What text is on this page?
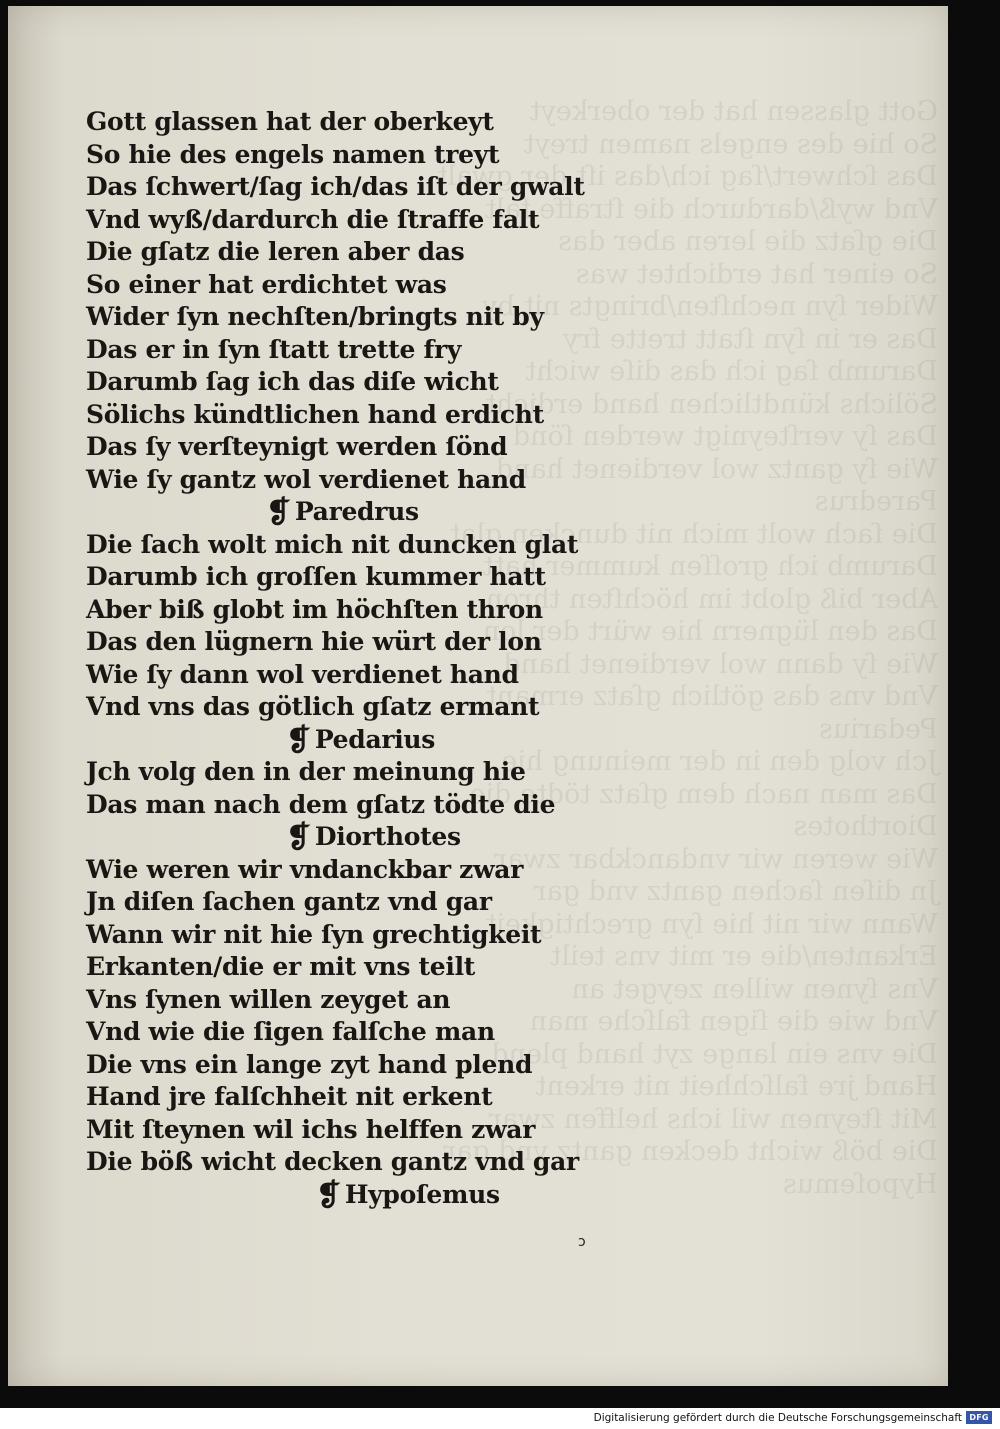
Gott glassen hat der oberkeyt
So hie des engels namen treyt
Das ſchwert/ſag ich/das iſt der gwalt
Vnd wyß/dardurch die ſtraffe falt
Die gſatz die leren aber das
So einer hat erdichtet was
Wider ſyn nechſten/bringts nit by
Das er in ſyn ſtatt trette fry
Darumb ſag ich das diſe wicht
Sölichs kündtlichen hand erdicht
Das ſy verſteynigt werden ſönd
Wie ſy gantz wol verdienet hand
Paredrus
Die ſach wolt mich nit duncken glat
Darumb ich groſſen kummer hatt
Aber biß globt im höchſten thron
Das den lügnern hie würt der lon
Wie ſy dann wol verdienet hand
Vnd vns das götlich gſatz ermant
Pedarius
Jch volg den in der meinung hie
Das man nach dem gſatz tödte die
Diorthotes
Wie weren wir vndanckbar zwar
Jn diſen ſachen gantz vnd gar
Wann wir nit hie ſyn grechtigkeit
Erkanten/die er mit vns teilt
Vns ſynen willen zeyget an
Vnd wie die ſigen falſche man
Die vns ein lange zyt hand plend
Hand jre falſchheit nit erkent
Mit ſteynen wil ichs helffen zwar
Die böß wicht decken gantz vnd gar
Hypoſemus
Gott glassen hat der oberkeyt
So hie des engels namen treyt
Das ſchwert/ſag ich/das iſt der gwalt
Vnd wyß/dardurch die ſtraffe falt
Die gſatz die leren aber das
So einer hat erdichtet was
Wider ſyn nechſten/bringts nit by
Das er in ſyn ſtatt trette fry
Darumb ſag ich das diſe wicht
Sölichs kündtlichen hand erdicht
Das ſy verſteynigt werden ſönd
Wie ſy gantz wol verdienet hand
❡ Paredrus
Die ſach wolt mich nit duncken glat
Darumb ich groſſen kummer hatt
Aber biß globt im höchſten thron
Das den lügnern hie würt der lon
Wie ſy dann wol verdienet hand
Vnd vns das götlich gſatz ermant
❡ Pedarius
Jch volg den in der meinung hie
Das man nach dem gſatz tödte die
❡ Diorthotes
Wie weren wir vndanckbar zwar
Jn diſen ſachen gantz vnd gar
Wann wir nit hie ſyn grechtigkeit
Erkanten/die er mit vns teilt
Vns ſynen willen zeyget an
Vnd wie die ſigen falſche man
Die vns ein lange zyt hand plend
Hand jre falſchheit nit erkent
Mit ſteynen wil ichs helffen zwar
Die böß wicht decken gantz vnd gar
❡ Hypoſemus
ↄ
Digitalisierung gefördert durch die Deutsche Forschungsgemeinschaft DFG
